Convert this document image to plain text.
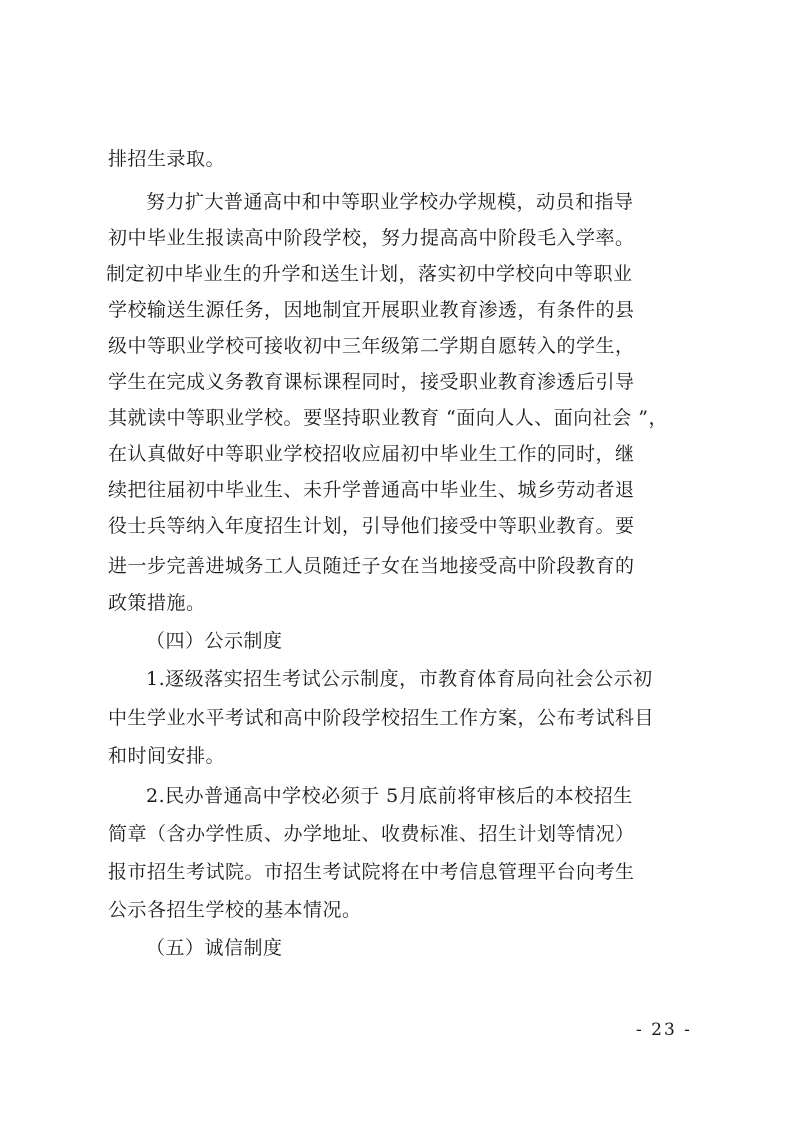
排招生录取。
努力扩大普通高中和中等职业学校办学规模，动员和指导
初中毕业生报读高中阶段学校，努力提高高中阶段毛入学率。
制定初中毕业生的升学和送生计划，落实初中学校向中等职业
学校输送生源任务，因地制宜开展职业教育渗透，有条件的县
级中等职业学校可接收初中三年级第二学期自愿转入的学生，
学生在完成义务教育课标课程同时，接受职业教育渗透后引导
其就读中等职业学校。要坚持职业教育 “面向人人、面向社会 ”，
在认真做好中等职业学校招收应届初中毕业生工作的同时，继
续把往届初中毕业生、未升学普通高中毕业生、城乡劳动者退
役士兵等纳入年度招生计划，引导他们接受中等职业教育。要
进一步完善进城务工人员随迁子女在当地接受高中阶段教育的
政策措施。
（四）公示制度
1.逐级落实招生考试公示制度，市教育体育局向社会公示初
中生学业水平考试和高中阶段学校招生工作方案，公布考试科目
和时间安排。
2.民办普通高中学校必须于 5月底前将审核后的本校招生
简章（含办学性质、办学地址、收费标准、招生计划等情况）
报市招生考试院。市招生考试院将在中考信息管理平台向考生
公示各招生学校的基本情况。
（五）诚信制度
- 23 -
